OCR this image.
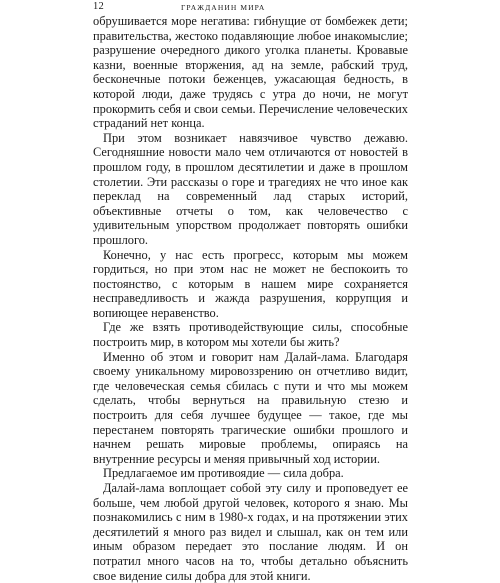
12	ГРАЖДАНИН МИРА

обрушивается море негатива: гибнущие от бомбежек дети; правительства, жестоко подавляющие любое инакомыслие; разрушение очередного дикого уголка планеты. Кровавые казни, военные вторжения, ад на земле, рабский труд, бесконечные потоки беженцев, ужасающая бедность, в которой люди, даже трудясь с утра до ночи, не могут прокормить себя и свои семьи. Перечисление человеческих страданий нет конца.

При этом возникает навязчивое чувство дежавю. Сегодняшние новости мало чем отличаются от новостей в прошлом году, в прошлом десятилетии и даже в прошлом столетии. Эти рассказы о горе и трагедиях не что иное как переклад на современный лад старых историй, объективные отчеты о том, как человечество с удивительным упорством продолжает повторять ошибки прошлого.

Конечно, у нас есть прогресс, которым мы можем гордиться, но при этом нас не может не беспокоить то постоянство, с которым в нашем мире сохраняется несправедливость и жажда разрушения, коррупция и вопиющее неравенство.

Где же взять противодействующие силы, способные построить мир, в котором мы хотели бы жить?

Именно об этом и говорит нам Далай-лама. Благодаря своему уникальному мировоззрению он отчетливо видит, где человеческая семья сбилась с пути и что мы можем сделать, чтобы вернуться на правильную стезю и построить для себя лучшее будущее — такое, где мы перестанем повторять трагические ошибки прошлого и начнем решать мировые проблемы, опираясь на внутренние ресурсы и меняя привычный ход истории.

Предлагаемое им противоядие — сила добра.

Далай-лама воплощает собой эту силу и проповедует ее больше, чем любой другой человек, которого я знаю. Мы познакомились с ним в 1980-х годах, и на протяжении этих десятилетий я много раз видел и слышал, как он тем или иным образом передает это послание людям. И он потратил много часов на то, чтобы детально объяснить свое видение силы добра для этой книги.
